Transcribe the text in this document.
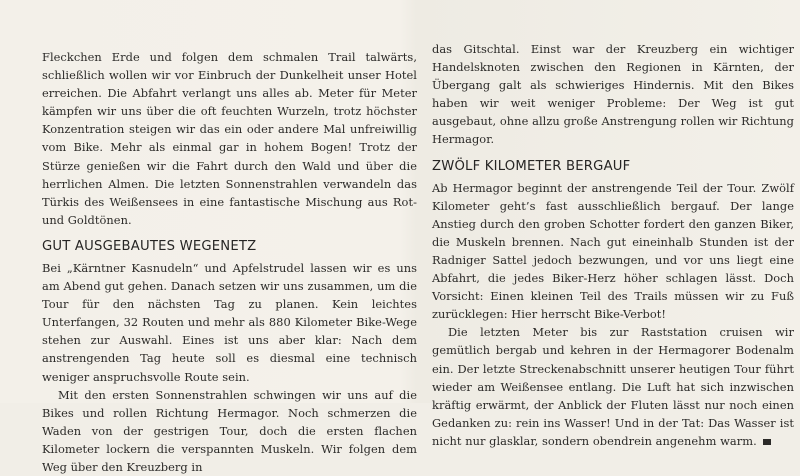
Fleckchen Erde und folgen dem schmalen Trail talwärts, schließlich wollen wir vor Einbruch der Dunkelheit unser Hotel erreichen. Die Abfahrt verlangt uns alles ab. Meter für Meter kämpfen wir uns über die oft feuchten Wurzeln, trotz höchster Konzentration steigen wir das ein oder andere Mal unfreiwillig vom Bike. Mehr als einmal gar in hohem Bogen! Trotz der Stürze genießen wir die Fahrt durch den Wald und über die herrlichen Almen. Die letzten Sonnenstrahlen verwandeln das Türkis des Weißensees in eine fantastische Mischung aus Rot- und Goldtönen.

GUT AUSGEBAUTES WEGENETZ

Bei „Kärntner Kasnudeln“ und Apfelstrudel lassen wir es uns am Abend gut gehen. Danach setzen wir uns zusammen, um die Tour für den nächsten Tag zu planen. Kein leichtes Unterfangen, 32 Routen und mehr als 880 Kilometer Bike-Wege stehen zur Auswahl. Eines ist uns aber klar: Nach dem anstrengenden Tag heute soll es diesmal eine technisch weniger anspruchsvolle Route sein.

Mit den ersten Sonnenstrahlen schwingen wir uns auf die Bikes und rollen Richtung Hermagor. Noch schmerzen die Waden von der gestrigen Tour, doch die ersten flachen Kilometer lockern die verspannten Muskeln. Wir folgen dem Weg über den Kreuzberg in

das Gitschtal. Einst war der Kreuzberg ein wichtiger Handelsknoten zwischen den Regionen in Kärnten, der Übergang galt als schwieriges Hindernis. Mit den Bikes haben wir weit weniger Probleme: Der Weg ist gut ausgebaut, ohne allzu große Anstrengung rollen wir Richtung Hermagor.

ZWÖLF KILOMETER BERGAUF

Ab Hermagor beginnt der anstrengende Teil der Tour. Zwölf Kilometer geht’s fast ausschließlich bergauf. Der lange Anstieg durch den groben Schotter fordert den ganzen Biker, die Muskeln brennen. Nach gut eineinhalb Stunden ist der Radniger Sattel jedoch bezwungen, und vor uns liegt eine Abfahrt, die jedes Biker-Herz höher schlagen lässt. Doch Vorsicht: Einen kleinen Teil des Trails müssen wir zu Fuß zurücklegen: Hier herrscht Bike-Verbot!

Die letzten Meter bis zur Raststation cruisen wir gemütlich bergab und kehren in der Hermagorer Bodenalm ein. Der letzte Streckenabschnitt unserer heutigen Tour führt wieder am Weißensee entlang. Die Luft hat sich inzwischen kräftig erwärmt, der Anblick der Fluten lässt nur noch einen Gedanken zu: rein ins Wasser! Und in der Tat: Das Wasser ist nicht nur glasklar, sondern obendrein angenehm warm.
